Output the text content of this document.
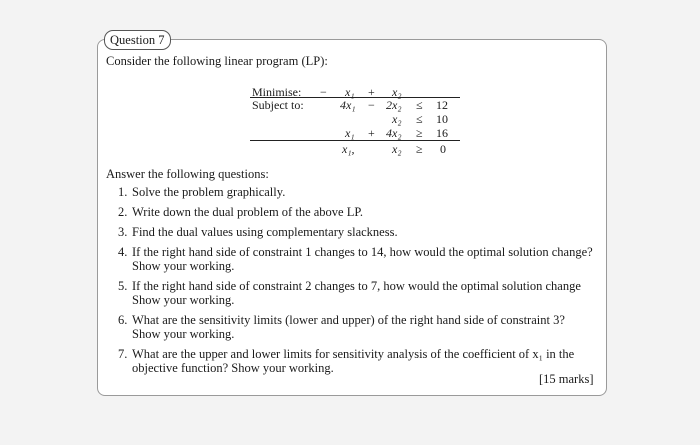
Question 7
Consider the following linear program (LP):
Minimise: − x₁ + x₂
Subject to:	4x₁ − 2x₂ ≤ 12
x₂ ≤ 10
x₁ + 4x₂ ≥ 16
x₁,	x₂ ≥ 0
Answer the following questions:
1. Solve the problem graphically.
2. Write down the dual problem of the above LP.
3. Find the dual values using complementary slackness.
4. If the right hand side of constraint 1 changes to 14, how would the optimal solution change? Show your working.
5. If the right hand side of constraint 2 changes to 7, how would the optimal solution change Show your working.
6. What are the sensitivity limits (lower and upper) of the right hand side of constraint 3? Show your working.
7. What are the upper and lower limits for sensitivity analysis of the coefficient of x₁ in the objective function? Show your working.
[15 marks]
